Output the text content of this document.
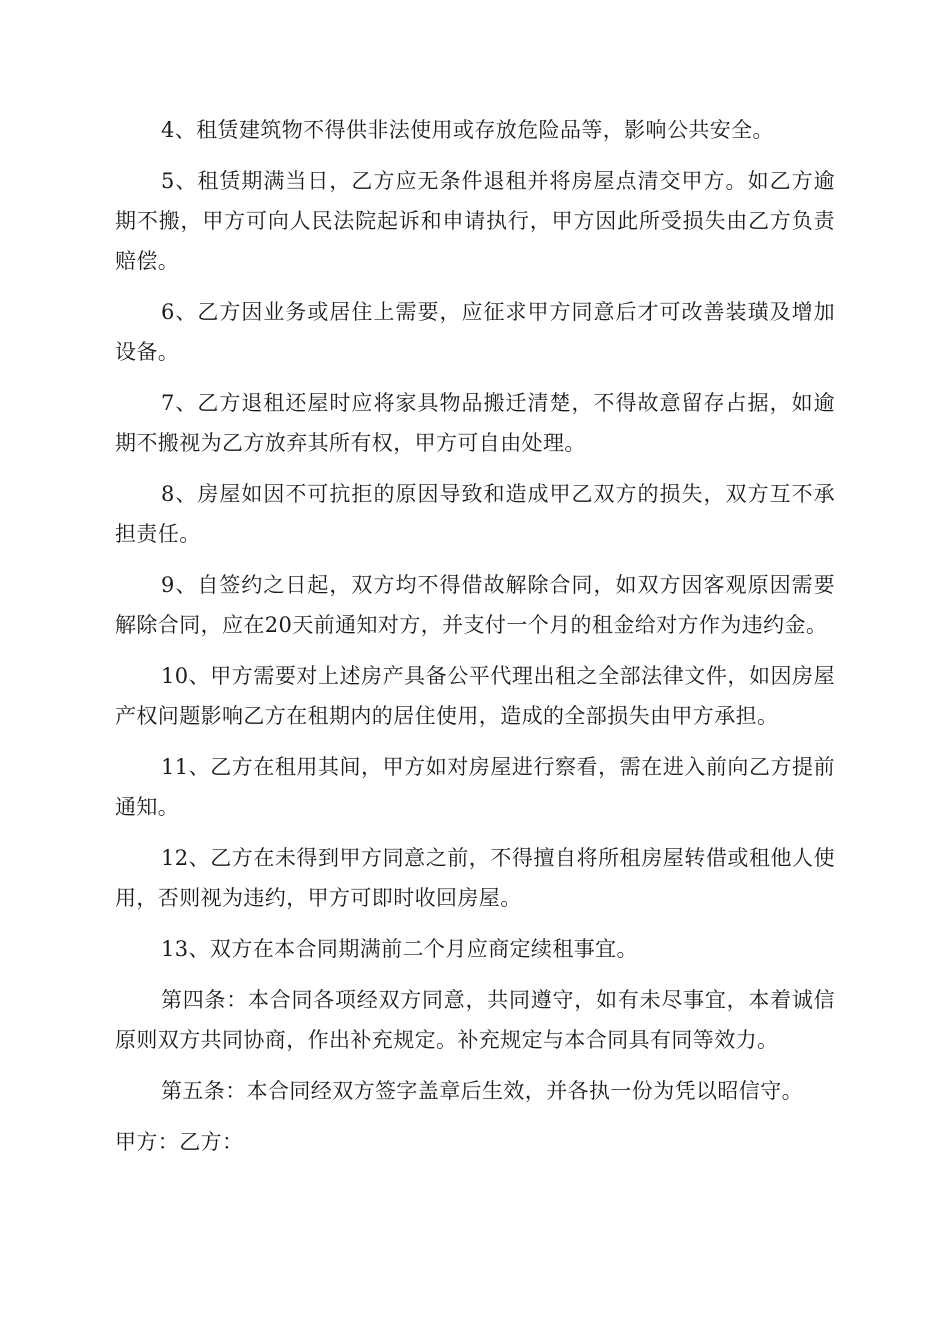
4、租赁建筑物不得供非法使用或存放危险品等，影响公共安全。

5、租赁期满当日，乙方应无条件退租并将房屋点清交甲方。如乙方逾期不搬，甲方可向人民法院起诉和申请执行，甲方因此所受损失由乙方负责赔偿。

6、乙方因业务或居住上需要，应征求甲方同意后才可改善装璜及增加设备。

7、乙方退租还屋时应将家具物品搬迁清楚，不得故意留存占据，如逾期不搬视为乙方放弃其所有权，甲方可自由处理。

8、房屋如因不可抗拒的原因导致和造成甲乙双方的损失，双方互不承担责任。

9、自签约之日起，双方均不得借故解除合同，如双方因客观原因需要解除合同，应在20天前通知对方，并支付一个月的租金给对方作为违约金。

10、甲方需要对上述房产具备公平代理出租之全部法律文件，如因房屋产权问题影响乙方在租期内的居住使用，造成的全部损失由甲方承担。

11、乙方在租用其间，甲方如对房屋进行察看，需在进入前向乙方提前通知。

12、乙方在未得到甲方同意之前，不得擅自将所租房屋转借或租他人使用，否则视为违约，甲方可即时收回房屋。

13、双方在本合同期满前二个月应商定续租事宜。

第四条：本合同各项经双方同意，共同遵守，如有未尽事宜，本着诚信原则双方共同协商，作出补充规定。补充规定与本合同具有同等效力。

第五条：本合同经双方签字盖章后生效，并各执一份为凭以昭信守。

甲方：乙方：
